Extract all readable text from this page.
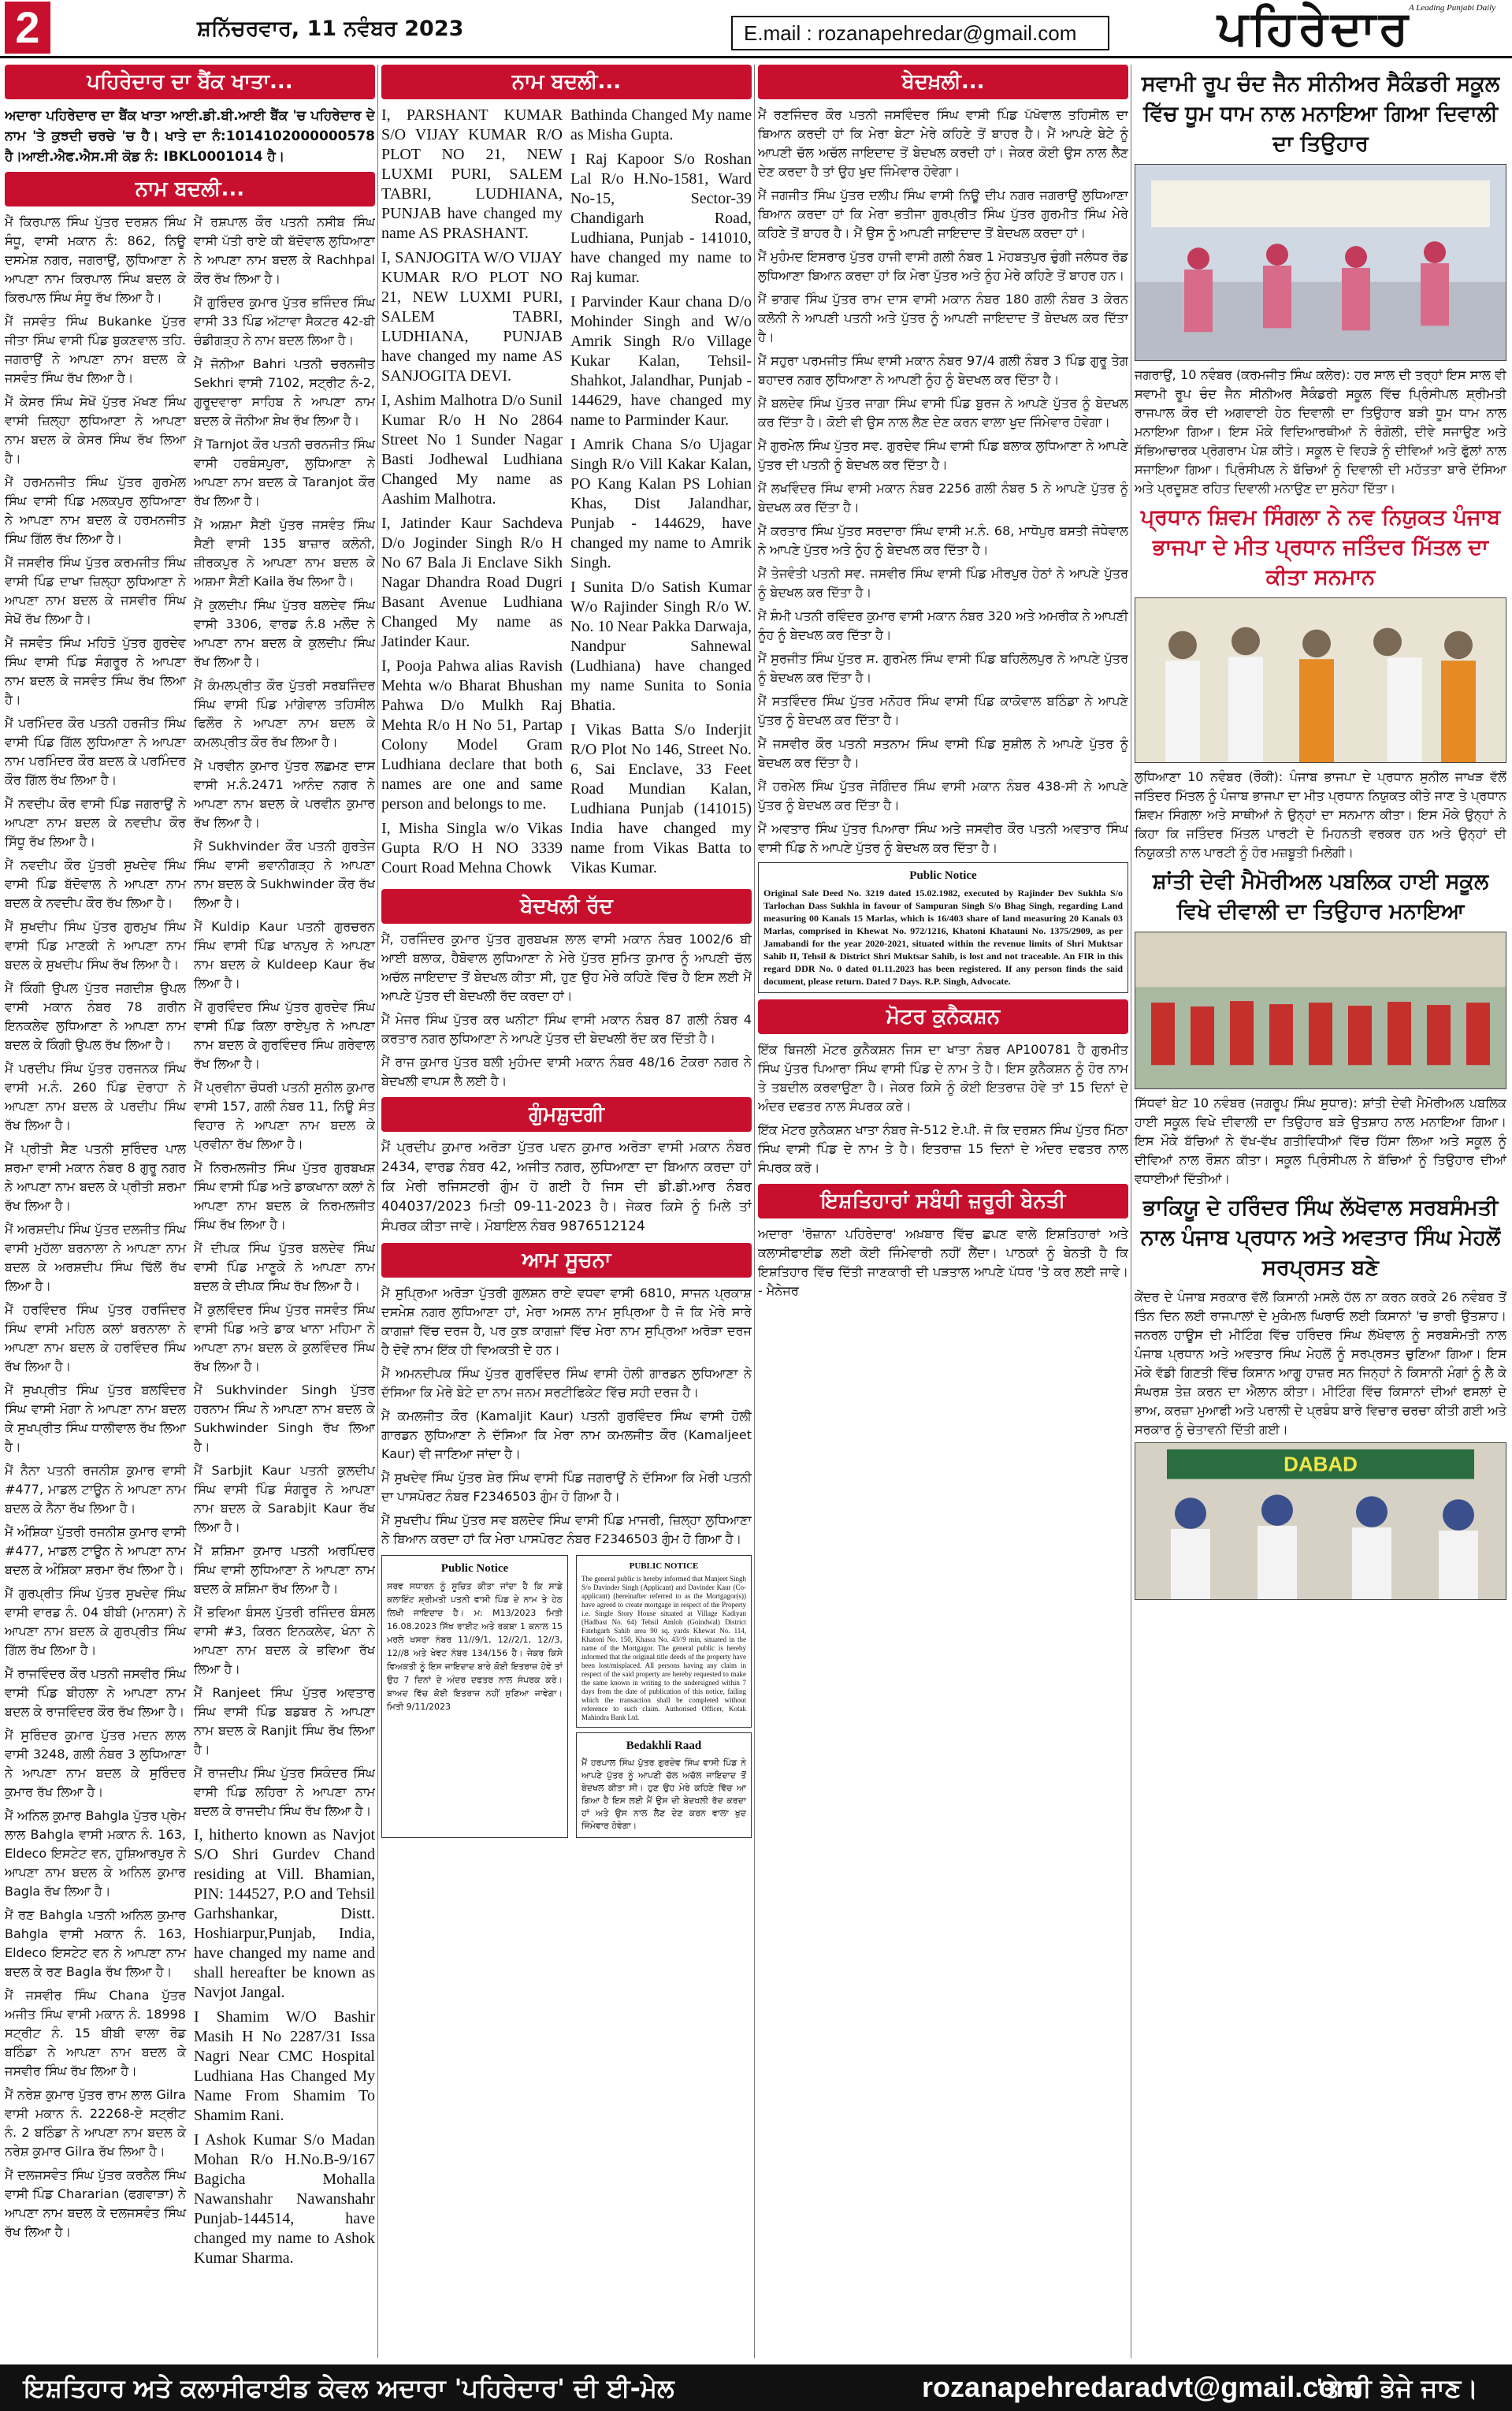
2	ਸ਼ਨਿੱਚਰਵਾਰ, 11 ਨਵੰਬਰ 2023	E.mail : rozanapehredar@gmail.com	ਪਹਿਰੇਦਾਰ
A Leading Punjabi Daily
ਪਹਿਰੇਦਾਰ ਦਾ ਬੈਂਕ ਖਾਤਾ...
ਅਦਾਰਾ ਪਹਿਰੇਦਾਰ ਦਾ ਬੈਂਕ ਖਾਤਾ ਆਈ.ਡੀ.ਬੀ.ਆਈ ਬੈਂਕ 'ਚ ਪਹਿਰੇਦਾਰ ਦੇ ਨਾਮ 'ਤੇ ਕੁਝਦੀ ਚਰਚੇ 'ਚ ਹੈ। ਖਾਤੇ ਦਾ ਨੰ:1014102000000578 ਹੈ।ਆਈ.ਐਫ.ਐਸ.ਸੀ ਕੋਡ ਨੰ: IBKL0001014 ਹੈ।
ਨਾਮ ਬਦਲੀ...
ਮੈਂ ਕਿਰਪਾਲ ਸਿੰਘ ਪੁੱਤਰ ਦਰਸ਼ਨ ਸਿੰਘ ਸੰਧੂ, ਵਾਸੀ ਮਕਾਨ ਨੰ: 862, ਨਿਊ ਦਸਮੇਸ਼ ਨਗਰ, ਜਗਰਾਉਂ, ਲੁਧਿਆਣਾ ਨੇ ਆਪਣਾ ਨਾਮ ਕਿਰਪਾਲ ਸਿੰਘ ਬਦਲ ਕੇ ਕਿਰਪਾਲ ਸਿੰਘ ਸੰਧੂ ਰੱਖ ਲਿਆ ਹੈ।
ਮੈਂ ਜਸਵੰਤ ਸਿੰਘ Bukanke ਪੁੱਤਰ ਜੀਤਾ ਸਿੰਘ ਵਾਸੀ ਪਿੰਡ ਬੁਕਣਵਾਲ ਤਹਿ. ਜਗਰਾਉਂ ਨੇ ਆਪਣਾ ਨਾਮ ਬਦਲ ਕੇ ਜਸਵੰਤ ਸਿੰਘ ਰੱਖ ਲਿਆ ਹੈ।
ਮੈਂ ਕੇਸਰ ਸਿੰਘ ਸੇਖੋਂ ਪੁੱਤਰ ਮੱਖਣ ਸਿੰਘ ਵਾਸੀ ਜ਼ਿਲ੍ਹਾ ਲੁਧਿਆਣਾ ਨੇ ਆਪਣਾ ਨਾਮ ਬਦਲ ਕੇ ਕੇਸਰ ਸਿੰਘ ਰੱਖ ਲਿਆ ਹੈ।
ਮੈਂ ਹਰਮਨਜੀਤ ਸਿੰਘ ਪੁੱਤਰ ਗੁਰਮੇਲ ਸਿੰਘ ਵਾਸੀ ਪਿੰਡ ਮਲਕਪੁਰ ਲੁਧਿਆਣਾ ਨੇ ਆਪਣਾ ਨਾਮ ਬਦਲ ਕੇ ਹਰਮਨਜੀਤ ਸਿੰਘ ਗਿੱਲ ਰੱਖ ਲਿਆ ਹੈ।
ਮੈਂ ਜਸਵੀਰ ਸਿੰਘ ਪੁੱਤਰ ਕਰਮਜੀਤ ਸਿੰਘ ਵਾਸੀ ਪਿੰਡ ਦਾਖਾ ਜ਼ਿਲ੍ਹਾ ਲੁਧਿਆਣਾ ਨੇ ਆਪਣਾ ਨਾਮ ਬਦਲ ਕੇ ਜਸਵੀਰ ਸਿੰਘ ਸੇਖੋਂ ਰੱਖ ਲਿਆ ਹੈ।
ਮੈਂ ਜਸਵੰਤ ਸਿੰਘ ਮਹਿਤੋ ਪੁੱਤਰ ਗੁਰਦੇਵ ਸਿੰਘ ਵਾਸੀ ਪਿੰਡ ਸੰਗਰੂਰ ਨੇ ਆਪਣਾ ਨਾਮ ਬਦਲ ਕੇ ਜਸਵੰਤ ਸਿੰਘ ਰੱਖ ਲਿਆ ਹੈ।
ਮੈਂ ਪਰਮਿੰਦਰ ਕੌਰ ਪਤਨੀ ਹਰਜੀਤ ਸਿੰਘ ਵਾਸੀ ਪਿੰਡ ਗਿੱਲ ਲੁਧਿਆਣਾ ਨੇ ਆਪਣਾ ਨਾਮ ਪਰਮਿੰਦਰ ਕੌਰ ਬਦਲ ਕੇ ਪਰਮਿੰਦਰ ਕੌਰ ਗਿੱਲ ਰੱਖ ਲਿਆ ਹੈ।
ਮੈਂ ਨਵਦੀਪ ਕੌਰ ਵਾਸੀ ਪਿੰਡ ਜਗਰਾਉਂ ਨੇ ਆਪਣਾ ਨਾਮ ਬਦਲ ਕੇ ਨਵਦੀਪ ਕੌਰ ਸਿੱਧੂ ਰੱਖ ਲਿਆ ਹੈ।
ਮੈਂ ਨਵਦੀਪ ਕੌਰ ਪੁੱਤਰੀ ਸੁਖਦੇਵ ਸਿੰਘ ਵਾਸੀ ਪਿੰਡ ਬੱਦੋਵਾਲ ਨੇ ਆਪਣਾ ਨਾਮ ਬਦਲ ਕੇ ਨਵਦੀਪ ਕੌਰ ਰੱਖ ਲਿਆ ਹੈ।
ਮੈਂ ਸੁਖਦੀਪ ਸਿੰਘ ਪੁੱਤਰ ਗੁਰਮੁਖ ਸਿੰਘ ਵਾਸੀ ਪਿੰਡ ਮਾਣਕੀ ਨੇ ਆਪਣਾ ਨਾਮ ਬਦਲ ਕੇ ਸੁਖਦੀਪ ਸਿੰਘ ਰੱਖ ਲਿਆ ਹੈ।
ਮੈਂ ਕਿੰਗੀ ਉਪਲ ਪੁੱਤਰ ਜਗਦੀਸ਼ ਉਪਲ ਵਾਸੀ ਮਕਾਨ ਨੰਬਰ 78 ਗਰੀਨ ਇਨਕਲੇਵ ਲੁਧਿਆਣਾ ਨੇ ਆਪਣਾ ਨਾਮ ਬਦਲ ਕੇ ਕਿੰਗੀ ਉਪਲ ਰੱਖ ਲਿਆ ਹੈ।
ਮੈਂ ਪਰਦੀਪ ਸਿੰਘ ਪੁੱਤਰ ਹਰਜਨਕ ਸਿੰਘ ਵਾਸੀ ਮ.ਨੰ. 260 ਪਿੰਡ ਦੋਰਾਹਾ ਨੇ ਆਪਣਾ ਨਾਮ ਬਦਲ ਕੇ ਪਰਦੀਪ ਸਿੰਘ ਰੱਖ ਲਿਆ ਹੈ।
ਮੈਂ ਪ੍ਰੀਤੀ ਸੈਣ ਪਤਨੀ ਸੁਰਿੰਦਰ ਪਾਲ ਸ਼ਰਮਾ ਵਾਸੀ ਮਕਾਨ ਨੰਬਰ 8 ਗੁਰੂ ਨਗਰ ਨੇ ਆਪਣਾ ਨਾਮ ਬਦਲ ਕੇ ਪ੍ਰੀਤੀ ਸ਼ਰਮਾ ਰੱਖ ਲਿਆ ਹੈ।
ਮੈਂ ਅਰਸ਼ਦੀਪ ਸਿੰਘ ਪੁੱਤਰ ਦਲਜੀਤ ਸਿੰਘ ਵਾਸੀ ਮੁਹੱਲਾ ਬਰਨਾਲਾ ਨੇ ਆਪਣਾ ਨਾਮ ਬਦਲ ਕੇ ਅਰਸ਼ਦੀਪ ਸਿੰਘ ਢਿੱਲੋਂ ਰੱਖ ਲਿਆ ਹੈ।
ਮੈਂ ਹਰਵਿੰਦਰ ਸਿੰਘ ਪੁੱਤਰ ਹਰਜਿੰਦਰ ਸਿੰਘ ਵਾਸੀ ਮਹਿਲ ਕਲਾਂ ਬਰਨਾਲਾ ਨੇ ਆਪਣਾ ਨਾਮ ਬਦਲ ਕੇ ਹਰਵਿੰਦਰ ਸਿੰਘ ਰੱਖ ਲਿਆ ਹੈ।
ਮੈਂ ਸੁਖਪ੍ਰੀਤ ਸਿੰਘ ਪੁੱਤਰ ਬਲਵਿੰਦਰ ਸਿੰਘ ਵਾਸੀ ਮੋਗਾ ਨੇ ਆਪਣਾ ਨਾਮ ਬਦਲ ਕੇ ਸੁਖਪ੍ਰੀਤ ਸਿੰਘ ਧਾਲੀਵਾਲ ਰੱਖ ਲਿਆ ਹੈ।
ਮੈਂ ਨੈਨਾ ਪਤਨੀ ਰਜਨੀਸ਼ ਕੁਮਾਰ ਵਾਸੀ #477, ਮਾਡਲ ਟਾਊਨ ਨੇ ਆਪਣਾ ਨਾਮ ਬਦਲ ਕੇ ਨੈਨਾ ਰੱਖ ਲਿਆ ਹੈ।
ਮੈਂ ਅੰਸ਼ਿਕਾ ਪੁੱਤਰੀ ਰਜਨੀਸ਼ ਕੁਮਾਰ ਵਾਸੀ #477, ਮਾਡਲ ਟਾਊਨ ਨੇ ਆਪਣਾ ਨਾਮ ਬਦਲ ਕੇ ਅੰਸ਼ਿਕਾ ਸ਼ਰਮਾ ਰੱਖ ਲਿਆ ਹੈ।
ਮੈਂ ਗੁਰਪ੍ਰੀਤ ਸਿੰਘ ਪੁੱਤਰ ਸੁਖਦੇਵ ਸਿੰਘ ਵਾਸੀ ਵਾਰਡ ਨੰ. 04 ਬੀਬੀ (ਮਾਨਸਾ) ਨੇ ਆਪਣਾ ਨਾਮ ਬਦਲ ਕੇ ਗੁਰਪ੍ਰੀਤ ਸਿੰਘ ਗਿੱਲ ਰੱਖ ਲਿਆ ਹੈ।
ਮੈਂ ਰਾਜਵਿੰਦਰ ਕੌਰ ਪਤਨੀ ਜਸਵੀਰ ਸਿੰਘ ਵਾਸੀ ਪਿੰਡ ਬੀਹਲਾ ਨੇ ਆਪਣਾ ਨਾਮ ਬਦਲ ਕੇ ਰਾਜਵਿੰਦਰ ਕੌਰ ਰੱਖ ਲਿਆ ਹੈ।
ਮੈਂ ਸੁਰਿੰਦਰ ਕੁਮਾਰ ਪੁੱਤਰ ਮਦਨ ਲਾਲ ਵਾਸੀ 3248, ਗਲੀ ਨੰਬਰ 3 ਲੁਧਿਆਣਾ ਨੇ ਆਪਣਾ ਨਾਮ ਬਦਲ ਕੇ ਸੁਰਿੰਦਰ ਕੁਮਾਰ ਰੱਖ ਲਿਆ ਹੈ।
ਮੈਂ ਅਨਿਲ ਕੁਮਾਰ Bahgla ਪੁੱਤਰ ਪ੍ਰੇਮ ਲਾਲ Bahgla ਵਾਸੀ ਮਕਾਨ ਨੰ. 163, Eldeco ਇਸਟੇਟ ਵਨ, ਹੁਸ਼ਿਆਰਪੁਰ ਨੇ ਆਪਣਾ ਨਾਮ ਬਦਲ ਕੇ ਅਨਿਲ ਕੁਮਾਰ Bagla ਰੱਖ ਲਿਆ ਹੈ।
ਮੈਂ ਰਣ Bahgla ਪਤਨੀ ਅਨਿਲ ਕੁਮਾਰ Bahgla ਵਾਸੀ ਮਕਾਨ ਨੰ. 163, Eldeco ਇਸਟੇਟ ਵਨ ਨੇ ਆਪਣਾ ਨਾਮ ਬਦਲ ਕੇ ਰਣ Bagla ਰੱਖ ਲਿਆ ਹੈ।
ਮੈਂ ਜਸਵੀਰ ਸਿੰਘ Chana ਪੁੱਤਰ ਅਜੀਤ ਸਿੰਘ ਵਾਸੀ ਮਕਾਨ ਨੰ. 18998 ਸਟ੍ਰੀਟ ਨੰ. 15 ਬੀਬੀ ਵਾਲਾ ਰੋਡ ਬਠਿੰਡਾ ਨੇ ਆਪਣਾ ਨਾਮ ਬਦਲ ਕੇ ਜਸਵੀਰ ਸਿੰਘ ਰੱਖ ਲਿਆ ਹੈ।
ਮੈਂ ਨਰੇਸ਼ ਕੁਮਾਰ ਪੁੱਤਰ ਰਾਮ ਲਾਲ Gilra ਵਾਸੀ ਮਕਾਨ ਨੰ. 22268-ਏ ਸਟ੍ਰੀਟ ਨੰ. 2 ਬਠਿੰਡਾ ਨੇ ਆਪਣਾ ਨਾਮ ਬਦਲ ਕੇ ਨਰੇਸ਼ ਕੁਮਾਰ Gilra ਰੱਖ ਲਿਆ ਹੈ।
ਮੈਂ ਦਲਜਸਵੰਤ ਸਿੰਘ ਪੁੱਤਰ ਕਰਨੈਲ ਸਿੰਘ ਵਾਸੀ ਪਿੰਡ Chararian (ਫਗਵਾੜਾ) ਨੇ ਆਪਣਾ ਨਾਮ ਬਦਲ ਕੇ ਦਲਜਸਵੰਤ ਸਿੰਘ ਰੱਖ ਲਿਆ ਹੈ।
ਮੈਂ ਰਸ਼ਪਾਲ ਕੌਰ ਪਤਨੀ ਨਸੀਬ ਸਿੰਘ ਵਾਸੀ ਪੱਤੀ ਰਾਏ ਕੀ ਬੱਦੋਵਾਲ ਲੁਧਿਆਣਾ ਨੇ ਆਪਣਾ ਨਾਮ ਬਦਲ ਕੇ Rachhpal ਕੌਰ ਰੱਖ ਲਿਆ ਹੈ।
ਮੈਂ ਗੁਰਿੰਦਰ ਕੁਮਾਰ ਪੁੱਤਰ ਭਜਿੰਦਰ ਸਿੰਘ ਵਾਸੀ 33 ਪਿੰਡ ਅੱਟਾਵਾ ਸੈਕਟਰ 42-ਬੀ ਚੰਡੀਗੜ੍ਹ ਨੇ ਨਾਮ ਬਦਲ ਲਿਆ ਹੈ।
ਮੈਂ ਜੋਨੀਆ Bahri ਪਤਨੀ ਚਰਨਜੀਤ Sekhri ਵਾਸੀ 7102, ਸਟ੍ਰੀਟ ਨੰ-2, ਗੁਰੂਦਵਾਰਾ ਸਾਹਿਬ ਨੇ ਆਪਣਾ ਨਾਮ ਬਦਲ ਕੇ ਜੋਨੀਆ ਸ਼ੇਖ ਰੱਖ ਲਿਆ ਹੈ।
ਮੈਂ Tarnjot ਕੌਰ ਪਤਨੀ ਚਰਨਜੀਤ ਸਿੰਘ ਵਾਸੀ ਹਰਬੰਸਪੁਰਾ, ਲੁਧਿਆਣਾ ਨੇ ਆਪਣਾ ਨਾਮ ਬਦਲ ਕੇ Taranjot ਕੌਰ ਰੱਖ ਲਿਆ ਹੈ।
ਮੈਂ ਅਸ਼ਮਾ ਸੈਣੀ ਪੁੱਤਰ ਜਸਵੰਤ ਸਿੰਘ ਸੈਣੀ ਵਾਸੀ 135 ਬਾਜ਼ਾਰ ਕਲੋਨੀ, ਜ਼ੀਰਕਪੁਰ ਨੇ ਆਪਣਾ ਨਾਮ ਬਦਲ ਕੇ ਅਸ਼ਮਾ ਸੈਣੀ Kaila ਰੱਖ ਲਿਆ ਹੈ।
ਮੈਂ ਕੁਲਦੀਪ ਸਿੰਘ ਪੁੱਤਰ ਬਲਦੇਵ ਸਿੰਘ ਵਾਸੀ 3306, ਵਾਰਡ ਨੰ.8 ਮਲੌਦ ਨੇ ਆਪਣਾ ਨਾਮ ਬਦਲ ਕੇ ਕੁਲਦੀਪ ਸਿੰਘ ਰੱਖ ਲਿਆ ਹੈ।
ਮੈਂ ਕੰਮਲਪ੍ਰੀਤ ਕੌਰ ਪੁੱਤਰੀ ਸਰਬਜਿੰਦਰ ਸਿੰਘ ਵਾਸੀ ਪਿੰਡ ਮਾਂਗੇਵਾਲ ਤਹਿਸੀਲ ਫਿਲੌਰ ਨੇ ਆਪਣਾ ਨਾਮ ਬਦਲ ਕੇ ਕਮਲਪ੍ਰੀਤ ਕੌਰ ਰੱਖ ਲਿਆ ਹੈ।
ਮੈਂ ਪਰਵੀਨ ਕੁਮਾਰ ਪੁੱਤਰ ਲਛਮਣ ਦਾਸ ਵਾਸੀ ਮ.ਨੰ.2471 ਆਨੰਦ ਨਗਰ ਨੇ ਆਪਣਾ ਨਾਮ ਬਦਲ ਕੇ ਪਰਵੀਨ ਕੁਮਾਰ ਰੱਖ ਲਿਆ ਹੈ।
ਮੈਂ Sukhvinder ਕੌਰ ਪਤਨੀ ਗੁਰਤੇਜ ਸਿੰਘ ਵਾਸੀ ਭਵਾਨੀਗੜ੍ਹ ਨੇ ਆਪਣਾ ਨਾਮ ਬਦਲ ਕੇ Sukhwinder ਕੌਰ ਰੱਖ ਲਿਆ ਹੈ।
ਮੈਂ Kuldip Kaur ਪਤਨੀ ਗੁਰਚਰਨ ਸਿੰਘ ਵਾਸੀ ਪਿੰਡ ਖਾਨਪੁਰ ਨੇ ਆਪਣਾ ਨਾਮ ਬਦਲ ਕੇ Kuldeep Kaur ਰੱਖ ਲਿਆ ਹੈ।
ਮੈਂ ਗੁਰਵਿੰਦਰ ਸਿੰਘ ਪੁੱਤਰ ਗੁਰਦੇਵ ਸਿੰਘ ਵਾਸੀ ਪਿੰਡ ਕਿਲਾ ਰਾਏਪੁਰ ਨੇ ਆਪਣਾ ਨਾਮ ਬਦਲ ਕੇ ਗੁਰਵਿੰਦਰ ਸਿੰਘ ਗਰੇਵਾਲ ਰੱਖ ਲਿਆ ਹੈ।
ਮੈਂ ਪ੍ਰਵੀਨਾ ਚੌਧਰੀ ਪਤਨੀ ਸੁਨੀਲ ਕੁਮਾਰ ਵਾਸੀ 157, ਗਲੀ ਨੰਬਰ 11, ਨਿਊ ਸੰਤ ਵਿਹਾਰ ਨੇ ਆਪਣਾ ਨਾਮ ਬਦਲ ਕੇ ਪ੍ਰਵੀਨਾ ਰੱਖ ਲਿਆ ਹੈ।
ਮੈਂ ਨਿਰਮਲਜੀਤ ਸਿੰਘ ਪੁੱਤਰ ਗੁਰਬਖਸ਼ ਸਿੰਘ ਵਾਸੀ ਪਿੰਡ ਅਤੇ ਡਾਕਖਾਨਾ ਕਲਾਂ ਨੇ ਆਪਣਾ ਨਾਮ ਬਦਲ ਕੇ ਨਿਰਮਲਜੀਤ ਸਿੰਘ ਰੱਖ ਲਿਆ ਹੈ।
ਮੈਂ ਦੀਪਕ ਸਿੰਘ ਪੁੱਤਰ ਬਲਦੇਵ ਸਿੰਘ ਵਾਸੀ ਪਿੰਡ ਮਾਣੂਕੇ ਨੇ ਆਪਣਾ ਨਾਮ ਬਦਲ ਕੇ ਦੀਪਕ ਸਿੰਘ ਰੱਖ ਲਿਆ ਹੈ।
ਮੈਂ ਕੁਲਵਿੰਦਰ ਸਿੰਘ ਪੁੱਤਰ ਜਸਵੰਤ ਸਿੰਘ ਵਾਸੀ ਪਿੰਡ ਅਤੇ ਡਾਕ ਖਾਨਾ ਮਹਿਮਾ ਨੇ ਆਪਣਾ ਨਾਮ ਬਦਲ ਕੇ ਕੁਲਵਿੰਦਰ ਸਿੰਘ ਰੱਖ ਲਿਆ ਹੈ।
ਮੈਂ Sukhvinder Singh ਪੁੱਤਰ ਹਰਨਾਮ ਸਿੰਘ ਨੇ ਆਪਣਾ ਨਾਮ ਬਦਲ ਕੇ Sukhwinder Singh ਰੱਖ ਲਿਆ ਹੈ।
ਮੈਂ Sarbjit Kaur ਪਤਨੀ ਕੁਲਦੀਪ ਸਿੰਘ ਵਾਸੀ ਪਿੰਡ ਸੰਗਰੂਰ ਨੇ ਆਪਣਾ ਨਾਮ ਬਦਲ ਕੇ Sarabjit Kaur ਰੱਖ ਲਿਆ ਹੈ।
ਮੈਂ ਸ਼ਸ਼ਿਮਾ ਕੁਮਾਰ ਪਤਨੀ ਅਰਪਿੰਦਰ ਸਿੰਘ ਵਾਸੀ ਲੁਧਿਆਣਾ ਨੇ ਆਪਣਾ ਨਾਮ ਬਦਲ ਕੇ ਸ਼ਸ਼ਿਮਾ ਰੱਖ ਲਿਆ ਹੈ।
ਮੈਂ ਭਵਿਆ ਬੰਸਲ ਪੁੱਤਰੀ ਰਜਿੰਦਰ ਬੰਸਲ ਵਾਸੀ #3, ਕਿਰਨ ਇਨਕਲੇਵ, ਖੰਨਾ ਨੇ ਆਪਣਾ ਨਾਮ ਬਦਲ ਕੇ ਭਵਿਆ ਰੱਖ ਲਿਆ ਹੈ।
ਮੈਂ Ranjeet ਸਿੰਘ ਪੁੱਤਰ ਅਵਤਾਰ ਸਿੰਘ ਵਾਸੀ ਪਿੰਡ ਬਡਬਰ ਨੇ ਆਪਣਾ ਨਾਮ ਬਦਲ ਕੇ Ranjit ਸਿੰਘ ਰੱਖ ਲਿਆ ਹੈ।
ਮੈਂ ਰਾਜਦੀਪ ਸਿੰਘ ਪੁੱਤਰ ਸਿਕੰਦਰ ਸਿੰਘ ਵਾਸੀ ਪਿੰਡ ਲਹਿਰਾ ਨੇ ਆਪਣਾ ਨਾਮ ਬਦਲ ਕੇ ਰਾਜਦੀਪ ਸਿੰਘ ਰੱਖ ਲਿਆ ਹੈ।
I, hitherto known as Navjot S/O Shri Gurdev Chand residing at Vill. Bhamian, PIN: 144527, P.O and Tehsil Garhshankar, Distt. Hoshiarpur,Punjab, India, have changed my name and shall hereafter be known as Navjot Jangal.
I Shamim W/O Bashir Masih H No 2287/31 Issa Nagri Near CMC Hospital Ludhiana Has Changed My Name From Shamim To Shamim Rani.
I Ashok Kumar S/o Madan Mohan R/o H.No.B-9/167 Bagicha Mohalla Nawanshahr Nawanshahr Punjab-144514, have changed my name to Ashok Kumar Sharma.
ਨਾਮ ਬਦਲੀ...
I, PARSHANT KUMAR S/O VIJAY KUMAR R/O PLOT NO 21, NEW LUXMI PURI, SALEM TABRI, LUDHIANA, PUNJAB have changed my name AS PRASHANT.
I, SANJOGITA W/O VIJAY KUMAR R/O PLOT NO 21, NEW LUXMI PURI, SALEM TABRI, LUDHIANA, PUNJAB have changed my name AS SANJOGITA DEVI.
I, Ashim Malhotra D/o Sunil Kumar R/o H No 2864 Street No 1 Sunder Nagar Basti Jodhewal Ludhiana Changed My name as Aashim Malhotra.
I, Jatinder Kaur Sachdeva D/o Joginder Singh R/o H No 67 Bala Ji Enclave Sikh Nagar Dhandra Road Dugri Basant Avenue Ludhiana Changed My name as Jatinder Kaur.
I, Pooja Pahwa alias Ravish Mehta w/o Bharat Bhushan Pahwa D/o Mulkh Raj Mehta R/o H No 51, Partap Colony Model Gram Ludhiana declare that both names are one and same person and belongs to me.
I, Misha Singla w/o Vikas Gupta R/O H NO 3339 Court Road Mehna Chowk
Bathinda Changed My name as Misha Gupta.
I Raj Kapoor S/o Roshan Lal R/o H.No-1581, Ward No-15, Sector-39 Chandigarh Road, Ludhiana, Punjab - 141010, have changed my name to Raj kumar.
I Parvinder Kaur chana D/o Mohinder Singh and W/o Amrik Singh R/o Village Kukar Kalan, Tehsil-Shahkot, Jalandhar, Punjab - 144629, have changed my name to Parminder Kaur.
I Amrik Chana S/o Ujagar Singh R/o Vill Kakar Kalan, PO Kang Kalan PS Lohian Khas, Dist Jalandhar, Punjab - 144629, have changed my name to Amrik Singh.
I Sunita D/o Satish Kumar W/o Rajinder Singh R/o W. No. 10 Near Pakka Darwaja, Nandpur Sahnewal (Ludhiana) have changed my name Sunita to Sonia Bhatia.
I Vikas Batta S/o Inderjit R/O Plot No 146, Street No. 6, Sai Enclave, 33 Feet Road Mundian Kalan, Ludhiana Punjab (141015) India have changed my name from Vikas Batta to Vikas Kumar.
ਬੇਦਖਲੀ ਰੱਦ
ਮੈਂ, ਹਰਜਿੰਦਰ ਕੁਮਾਰ ਪੁੱਤਰ ਗੁਰਬਖਸ਼ ਲਾਲ ਵਾਸੀ ਮਕਾਨ ਨੰਬਰ 1002/6 ਬੀ ਆਈ ਬਲਾਕ, ਹੈਬੋਵਾਲ ਲੁਧਿਆਣਾ ਨੇ ਮੇਰੇ ਪੁੱਤਰ ਸੁਮਿਤ ਕੁਮਾਰ ਨੂੰ ਆਪਣੀ ਚੱਲ ਅਚੱਲ ਜਾਇਦਾਦ ਤੋਂ ਬੇਦਖਲ ਕੀਤਾ ਸੀ, ਹੁਣ ਉਹ ਮੇਰੇ ਕਹਿਣੇ ਵਿੱਚ ਹੈ ਇਸ ਲਈ ਮੈਂ ਆਪਣੇ ਪੁੱਤਰ ਦੀ ਬੇਦਖਲੀ ਰੱਦ ਕਰਦਾ ਹਾਂ।
ਮੈਂ ਮੇਜਰ ਸਿੰਘ ਪੁੱਤਰ ਕਰ ਘਨੀਟਾ ਸਿੰਘ ਵਾਸੀ ਮਕਾਨ ਨੰਬਰ 87 ਗਲੀ ਨੰਬਰ 4 ਕਰਤਾਰ ਨਗਰ ਲੁਧਿਆਣਾ ਨੇ ਆਪਣੇ ਪੁੱਤਰ ਦੀ ਬੇਦਖਲੀ ਰੱਦ ਕਰ ਦਿੱਤੀ ਹੈ।
ਮੈਂ ਰਾਜ ਕੁਮਾਰ ਪੁੱਤਰ ਬਲੀ ਮੁਹੰਮਦ ਵਾਸੀ ਮਕਾਨ ਨੰਬਰ 48/16 ਟੋਕਰਾ ਨਗਰ ਨੇ ਬੇਦਖਲੀ ਵਾਪਸ ਲੈ ਲਈ ਹੈ।
ਗੁੰਮਸ਼ੁਦਗੀ
ਮੈਂ ਪ੍ਰਦੀਪ ਕੁਮਾਰ ਅਰੋੜਾ ਪੁੱਤਰ ਪਵਨ ਕੁਮਾਰ ਅਰੋੜਾ ਵਾਸੀ ਮਕਾਨ ਨੰਬਰ 2434, ਵਾਰਡ ਨੰਬਰ 42, ਅਜੀਤ ਨਗਰ, ਲੁਧਿਆਣਾ ਦਾ ਬਿਆਨ ਕਰਦਾ ਹਾਂ ਕਿ ਮੇਰੀ ਰਜਿਸਟਰੀ ਗੁੰਮ ਹੋ ਗਈ ਹੈ ਜਿਸ ਦੀ ਡੀ.ਡੀ.ਆਰ ਨੰਬਰ 404037/2023 ਮਿਤੀ 09-11-2023 ਹੈ। ਜੇਕਰ ਕਿਸੇ ਨੂੰ ਮਿਲੇ ਤਾਂ ਸੰਪਰਕ ਕੀਤਾ ਜਾਵੇ। ਮੋਬਾਇਲ ਨੰਬਰ 9876512124
ਆਮ ਸੂਚਨਾ
ਮੈਂ ਸੁਪ੍ਰਿਆ ਅਰੋੜਾ ਪੁੱਤਰੀ ਗੁਲਸ਼ਨ ਰਾਏ ਵਧਵਾ ਵਾਸੀ 6810, ਸਾਜਨ ਪ੍ਰਕਾਸ਼ ਦਸਮੇਸ਼ ਨਗਰ ਲੁਧਿਆਣਾ ਹਾਂ, ਮੇਰਾ ਅਸਲ ਨਾਮ ਸੁਪ੍ਰਿਆ ਹੈ ਜੋ ਕਿ ਮੇਰੇ ਸਾਰੇ ਕਾਗਜ਼ਾਂ ਵਿੱਚ ਦਰਜ ਹੈ, ਪਰ ਕੁਝ ਕਾਗਜ਼ਾਂ ਵਿੱਚ ਮੇਰਾ ਨਾਮ ਸੁਪ੍ਰਿਆ ਅਰੋੜਾ ਦਰਜ ਹੈ ਦੋਵੇਂ ਨਾਮ ਇੱਕ ਹੀ ਵਿਅਕਤੀ ਦੇ ਹਨ।
ਮੈਂ ਅਮਨਦੀਪਕ ਸਿੰਘ ਪੁੱਤਰ ਗੁਰਵਿੰਦਰ ਸਿੰਘ ਵਾਸੀ ਹੋਲੀ ਗਾਰਡਨ ਲੁਧਿਆਣਾ ਨੇ ਦੱਸਿਆ ਕਿ ਮੇਰੇ ਬੇਟੇ ਦਾ ਨਾਮ ਜਨਮ ਸਰਟੀਫਿਕੇਟ ਵਿੱਚ ਸਹੀ ਦਰਜ ਹੈ।
ਮੈਂ ਕਮਲਜੀਤ ਕੌਰ (Kamaljit Kaur) ਪਤਨੀ ਗੁਰਵਿੰਦਰ ਸਿੰਘ ਵਾਸੀ ਹੋਲੀ ਗਾਰਡਨ ਲੁਧਿਆਣਾ ਨੇ ਦੱਸਿਆ ਕਿ ਮੇਰਾ ਨਾਮ ਕਮਲਜੀਤ ਕੌਰ (Kamaljeet Kaur) ਵੀ ਜਾਣਿਆ ਜਾਂਦਾ ਹੈ।
ਮੈਂ ਸੁਖਦੇਵ ਸਿੰਘ ਪੁੱਤਰ ਸ਼ੇਰ ਸਿੰਘ ਵਾਸੀ ਪਿੰਡ ਜਗਰਾਉਂ ਨੇ ਦੱਸਿਆ ਕਿ ਮੇਰੀ ਪਤਨੀ ਦਾ ਪਾਸਪੋਰਟ ਨੰਬਰ F2346503 ਗੁੰਮ ਹੋ ਗਿਆ ਹੈ।
ਮੈਂ ਸੁਖਦੀਪ ਸਿੰਘ ਪੁੱਤਰ ਸਵ ਬਲਦੇਵ ਸਿੰਘ ਵਾਸੀ ਪਿੰਡ ਮਾਜਰੀ, ਜ਼ਿਲ੍ਹਾ ਲੁਧਿਆਣਾ ਨੇ ਬਿਆਨ ਕਰਦਾ ਹਾਂ ਕਿ ਮੇਰਾ ਪਾਸਪੋਰਟ ਨੰਬਰ F2346503 ਗੁੰਮ ਹੋ ਗਿਆ ਹੈ।
Public Notice
ਸਰਵ ਸਧਾਰਨ ਨੂੰ ਸੂਚਿਤ ਕੀਤਾ ਜਾਂਦਾ ਹੈ ਕਿ ਸਾਡੇ ਕਲਾਇੰਟ ਸ਼੍ਰੀਮਤੀ ਪਤਨੀ ਵਾਸੀ ਪਿੰਡ ਦੇ ਨਾਮ ਤੇ ਹੇਠ ਲਿਖੀ ਜਾਇਦਾਦ ਹੈ। ਮ: M13/2023 ਮਿਤੀ 16.08.2023 ਸਿੱਖ ਰਾਈਟ ਅਤੇ ਰਕਬਾ 1 ਕਨਾਲ 15 ਮਰਲੇ ਖਸਰਾ ਨੰਬਰ 11//9/1, 12//2/1, 12//3, 12//8 ਅਤੇ ਖੇਵਟ ਨੰਬਰ 134/156 ਹੈ। ਜੇਕਰ ਕਿਸੇ ਵਿਅਕਤੀ ਨੂੰ ਇਸ ਜਾਇਦਾਦ ਬਾਰੇ ਕੋਈ ਇਤਰਾਜ਼ ਹੋਵੇ ਤਾਂ ਉਹ 7 ਦਿਨਾਂ ਦੇ ਅੰਦਰ ਦਫਤਰ ਨਾਲ ਸੰਪਰਕ ਕਰੇ। ਬਾਅਦ ਵਿੱਚ ਕੋਈ ਇਤਰਾਜ਼ ਨਹੀਂ ਸੁਣਿਆ ਜਾਵੇਗਾ। ਮਿਤੀ 9/11/2023
PUBLIC NOTICE
The general public is hereby informed that Manjeet Singh S/o Davinder Singh (Applicant) and Davinder Kaur (Co-applicant) (hereinafter referred to as the Mortgagor(s)) have agreed to create mortgage in respect of the Property i.e. Single Story House situated at Village Kadiyan (Hadbast No. 64) Tehsil Amloh (Goindwal) District Fatehgarh Sahib area 90 sq. yards Khewat No. 114, Khatoni No. 150, Khasra No. 43//9 min, situated in the name of the Mortgagor. The general public is hereby informed that the original title deeds of the property have been lost/misplaced. All persons having any claim in respect of the said property are hereby requested to make the same known in writing to the undersigned within 7 days from the date of publication of this notice, failing which the transaction shall be completed without reference to such claim. Authorised Officer, Kotak Mahindra Bank Ltd.
Bedakhli Raad
ਮੈਂ ਹਰਪਾਲ ਸਿੰਘ ਪੁੱਤਰ ਗੁਰਦੇਵ ਸਿੰਘ ਵਾਸੀ ਪਿੰਡ ਨੇ ਆਪਣੇ ਪੁੱਤਰ ਨੂੰ ਆਪਣੀ ਚੱਲ ਅਚੱਲ ਜਾਇਦਾਦ ਤੋਂ ਬੇਦਖਲ ਕੀਤਾ ਸੀ। ਹੁਣ ਉਹ ਮੇਰੇ ਕਹਿਣੇ ਵਿੱਚ ਆ ਗਿਆ ਹੈ ਇਸ ਲਈ ਮੈਂ ਉਸ ਦੀ ਬੇਦਖਲੀ ਰੱਦ ਕਰਦਾ ਹਾਂ ਅਤੇ ਉਸ ਨਾਲ ਲੈਣ ਦੇਣ ਕਰਨ ਵਾਲਾ ਖੁਦ ਜਿੰਮੇਵਾਰ ਹੋਵੇਗਾ।
ਬੇਦਖ਼ਲੀ...
ਮੈਂ ਰਣਜਿੰਦਰ ਕੌਰ ਪਤਨੀ ਜਸਵਿੰਦਰ ਸਿੰਘ ਵਾਸੀ ਪਿੰਡ ਪੱਖੋਵਾਲ ਤਹਿਸੀਲ ਦਾ ਬਿਆਨ ਕਰਦੀ ਹਾਂ ਕਿ ਮੇਰਾ ਬੇਟਾ ਮੇਰੇ ਕਹਿਣੇ ਤੋਂ ਬਾਹਰ ਹੈ। ਮੈਂ ਆਪਣੇ ਬੇਟੇ ਨੂੰ ਆਪਣੀ ਚੱਲ ਅਚੱਲ ਜਾਇਦਾਦ ਤੋਂ ਬੇਦਖਲ ਕਰਦੀ ਹਾਂ। ਜੇਕਰ ਕੋਈ ਉਸ ਨਾਲ ਲੈਣ ਦੇਣ ਕਰਦਾ ਹੈ ਤਾਂ ਉਹ ਖੁਦ ਜਿੰਮੇਵਾਰ ਹੋਵੇਗਾ।
ਮੈਂ ਜਗਜੀਤ ਸਿੰਘ ਪੁੱਤਰ ਦਲੀਪ ਸਿੰਘ ਵਾਸੀ ਨਿਊ ਦੀਪ ਨਗਰ ਜਗਰਾਉਂ ਲੁਧਿਆਣਾ ਬਿਆਨ ਕਰਦਾ ਹਾਂ ਕਿ ਮੇਰਾ ਭਤੀਜਾ ਗੁਰਪ੍ਰੀਤ ਸਿੰਘ ਪੁੱਤਰ ਗੁਰਮੀਤ ਸਿੰਘ ਮੇਰੇ ਕਹਿਣੇ ਤੋਂ ਬਾਹਰ ਹੈ। ਮੈਂ ਉਸ ਨੂੰ ਆਪਣੀ ਜਾਇਦਾਦ ਤੋਂ ਬੇਦਖਲ ਕਰਦਾ ਹਾਂ।
ਮੈਂ ਮੁਹੰਮਦ ਇਸਰਾਰ ਪੁੱਤਰ ਹਾਜੀ ਵਾਸੀ ਗਲੀ ਨੰਬਰ 1 ਮੋਹਬਤਪੁਰ ਚੁੰਗੀ ਜਲੰਧਰ ਰੋਡ ਲੁਧਿਆਣਾ ਬਿਆਨ ਕਰਦਾ ਹਾਂ ਕਿ ਮੇਰਾ ਪੁੱਤਰ ਅਤੇ ਨੂੰਹ ਮੇਰੇ ਕਹਿਣੇ ਤੋਂ ਬਾਹਰ ਹਨ।
ਮੈਂ ਭਾਗਵ ਸਿੰਘ ਪੁੱਤਰ ਰਾਮ ਦਾਸ ਵਾਸੀ ਮਕਾਨ ਨੰਬਰ 180 ਗਲੀ ਨੰਬਰ 3 ਕੇਰਨ ਕਲੋਨੀ ਨੇ ਆਪਣੀ ਪਤਨੀ ਅਤੇ ਪੁੱਤਰ ਨੂੰ ਆਪਣੀ ਜਾਇਦਾਦ ਤੋਂ ਬੇਦਖਲ ਕਰ ਦਿੱਤਾ ਹੈ।
ਮੈਂ ਸਹੁਰਾ ਪਰਮਜੀਤ ਸਿੰਘ ਵਾਸੀ ਮਕਾਨ ਨੰਬਰ 97/4 ਗਲੀ ਨੰਬਰ 3 ਪਿੰਡ ਗੁਰੂ ਤੇਗ ਬਹਾਦਰ ਨਗਰ ਲੁਧਿਆਣਾ ਨੇ ਆਪਣੀ ਨੂੰਹ ਨੂੰ ਬੇਦਖਲ ਕਰ ਦਿੱਤਾ ਹੈ।
ਮੈਂ ਬਲਦੇਵ ਸਿੰਘ ਪੁੱਤਰ ਜਾਗਾ ਸਿੰਘ ਵਾਸੀ ਪਿੰਡ ਬੁਰਜ ਨੇ ਆਪਣੇ ਪੁੱਤਰ ਨੂੰ ਬੇਦਖਲ ਕਰ ਦਿੱਤਾ ਹੈ। ਕੋਈ ਵੀ ਉਸ ਨਾਲ ਲੈਣ ਦੇਣ ਕਰਨ ਵਾਲਾ ਖੁਦ ਜਿੰਮੇਵਾਰ ਹੋਵੇਗਾ।
ਮੈਂ ਗੁਰਮੇਲ ਸਿੰਘ ਪੁੱਤਰ ਸਵ. ਗੁਰਦੇਵ ਸਿੰਘ ਵਾਸੀ ਪਿੰਡ ਬਲਾਕ ਲੁਧਿਆਣਾ ਨੇ ਆਪਣੇ ਪੁੱਤਰ ਦੀ ਪਤਨੀ ਨੂੰ ਬੇਦਖਲ ਕਰ ਦਿੱਤਾ ਹੈ।
ਮੈਂ ਲਖਵਿੰਦਰ ਸਿੰਘ ਵਾਸੀ ਮਕਾਨ ਨੰਬਰ 2256 ਗਲੀ ਨੰਬਰ 5 ਨੇ ਆਪਣੇ ਪੁੱਤਰ ਨੂੰ ਬੇਦਖਲ ਕਰ ਦਿੱਤਾ ਹੈ।
ਮੈਂ ਕਰਤਾਰ ਸਿੰਘ ਪੁੱਤਰ ਸਰਦਾਰਾ ਸਿੰਘ ਵਾਸੀ ਮ.ਨੰ. 68, ਮਾਧੋਪੁਰ ਬਸਤੀ ਜੋਧੇਵਾਲ ਨੇ ਆਪਣੇ ਪੁੱਤਰ ਅਤੇ ਨੂੰਹ ਨੂੰ ਬੇਦਖਲ ਕਰ ਦਿੱਤਾ ਹੈ।
ਮੈਂ ਤੇਜਵੰਤੀ ਪਤਨੀ ਸਵ. ਜਸਵੀਰ ਸਿੰਘ ਵਾਸੀ ਪਿੰਡ ਮੀਰਪੁਰ ਹੇਠਾਂ ਨੇ ਆਪਣੇ ਪੁੱਤਰ ਨੂੰ ਬੇਦਖਲ ਕਰ ਦਿੱਤਾ ਹੈ।
ਮੈਂ ਸ਼ੰਮੀ ਪਤਨੀ ਰਵਿੰਦਰ ਕੁਮਾਰ ਵਾਸੀ ਮਕਾਨ ਨੰਬਰ 320 ਅਤੇ ਅਮਰੀਕ ਨੇ ਆਪਣੀ ਨੂੰਹ ਨੂੰ ਬੇਦਖਲ ਕਰ ਦਿੱਤਾ ਹੈ।
ਮੈਂ ਸੁਰਜੀਤ ਸਿੰਘ ਪੁੱਤਰ ਸ. ਗੁਰਮੇਲ ਸਿੰਘ ਵਾਸੀ ਪਿੰਡ ਬਹਿਲੋਲਪੁਰ ਨੇ ਆਪਣੇ ਪੁੱਤਰ ਨੂੰ ਬੇਦਖਲ ਕਰ ਦਿੱਤਾ ਹੈ।
ਮੈਂ ਸਤਵਿੰਦਰ ਸਿੰਘ ਪੁੱਤਰ ਮਨੋਹਰ ਸਿੰਘ ਵਾਸੀ ਪਿੰਡ ਕਾਕੋਵਾਲ ਬਠਿੰਡਾ ਨੇ ਆਪਣੇ ਪੁੱਤਰ ਨੂੰ ਬੇਦਖਲ ਕਰ ਦਿੱਤਾ ਹੈ।
ਮੈਂ ਜਸਵੀਰ ਕੌਰ ਪਤਨੀ ਸਤਨਾਮ ਸਿੰਘ ਵਾਸੀ ਪਿੰਡ ਸੁਸ਼ੀਲ ਨੇ ਆਪਣੇ ਪੁੱਤਰ ਨੂੰ ਬੇਦਖਲ ਕਰ ਦਿੱਤਾ ਹੈ।
ਮੈਂ ਹਰਮੇਲ ਸਿੰਘ ਪੁੱਤਰ ਜੋਗਿੰਦਰ ਸਿੰਘ ਵਾਸੀ ਮਕਾਨ ਨੰਬਰ 438-ਸੀ ਨੇ ਆਪਣੇ ਪੁੱਤਰ ਨੂੰ ਬੇਦਖਲ ਕਰ ਦਿੱਤਾ ਹੈ।
ਮੈਂ ਅਵਤਾਰ ਸਿੰਘ ਪੁੱਤਰ ਪਿਆਰਾ ਸਿੰਘ ਅਤੇ ਜਸਵੀਰ ਕੌਰ ਪਤਨੀ ਅਵਤਾਰ ਸਿੰਘ ਵਾਸੀ ਪਿੰਡ ਨੇ ਆਪਣੇ ਪੁੱਤਰ ਨੂੰ ਬੇਦਖਲ ਕਰ ਦਿੱਤਾ ਹੈ।
Public Notice
Original Sale Deed No. 3219 dated 15.02.1982, executed by Rajinder Dev Sukhla S/o Tarlochan Dass Sukhla in favour of Sampuran Singh S/o Bhag Singh, regarding Land measuring 00 Kanals 15 Marlas, which is 16/403 share of land measuring 20 Kanals 03 Marlas, comprised in Khewat No. 972/1216, Khatoni Khatauni No. 1375/2909, as per Jamabandi for the year 2020-2021, situated within the revenue limits of Shri Muktsar Sahib II, Tehsil & District Shri Muktsar Sahib, is lost and not traceable. An FIR in this regard DDR No. 0 dated 01.11.2023 has been registered. If any person finds the said document, please return. Dated 7 Days. R.P. Singh, Advocate.
ਮੋਟਰ ਕੁਨੈਕਸ਼ਨ
ਇੱਕ ਬਿਜਲੀ ਮੋਟਰ ਕੁਨੈਕਸ਼ਨ ਜਿਸ ਦਾ ਖਾਤਾ ਨੰਬਰ AP100781 ਹੈ ਗੁਰਮੀਤ ਸਿੰਘ ਪੁੱਤਰ ਪਿਆਰਾ ਸਿੰਘ ਵਾਸੀ ਪਿੰਡ ਦੇ ਨਾਮ ਤੇ ਹੈ। ਇਸ ਕੁਨੈਕਸ਼ਨ ਨੂੰ ਹੋਰ ਨਾਮ ਤੇ ਤਬਦੀਲ ਕਰਵਾਉਣਾ ਹੈ। ਜੇਕਰ ਕਿਸੇ ਨੂੰ ਕੋਈ ਇਤਰਾਜ਼ ਹੋਵੇ ਤਾਂ 15 ਦਿਨਾਂ ਦੇ ਅੰਦਰ ਦਫਤਰ ਨਾਲ ਸੰਪਰਕ ਕਰੇ।
ਇੱਕ ਮੋਟਰ ਕੁਨੈਕਸ਼ਨ ਖਾਤਾ ਨੰਬਰ ਜੇ-512 ਏ.ਪੀ. ਜੋ ਕਿ ਦਰਸ਼ਨ ਸਿੰਘ ਪੁੱਤਰ ਮਿੱਠਾ ਸਿੰਘ ਵਾਸੀ ਪਿੰਡ ਦੇ ਨਾਮ ਤੇ ਹੈ। ਇਤਰਾਜ਼ 15 ਦਿਨਾਂ ਦੇ ਅੰਦਰ ਦਫਤਰ ਨਾਲ ਸੰਪਰਕ ਕਰੋ।
ਇਸ਼ਤਿਹਾਰਾਂ ਸਬੰਧੀ ਜ਼ਰੂਰੀ ਬੇਨਤੀ
ਅਦਾਰਾ 'ਰੋਜ਼ਾਨਾ ਪਹਿਰੇਦਾਰ' ਅਖ਼ਬਾਰ ਵਿੱਚ ਛਪਣ ਵਾਲੇ ਇਸ਼ਤਿਹਾਰਾਂ ਅਤੇ ਕਲਾਸੀਫਾਈਡ ਲਈ ਕੋਈ ਜਿੰਮੇਵਾਰੀ ਨਹੀਂ ਲੈਂਦਾ। ਪਾਠਕਾਂ ਨੂੰ ਬੇਨਤੀ ਹੈ ਕਿ ਇਸ਼ਤਿਹਾਰ ਵਿੱਚ ਦਿੱਤੀ ਜਾਣਕਾਰੀ ਦੀ ਪੜਤਾਲ ਆਪਣੇ ਪੱਧਰ 'ਤੇ ਕਰ ਲਈ ਜਾਵੇ। - ਮੈਨੇਜਰ
ਸਵਾਮੀ ਰੂਪ ਚੰਦ ਜੈਨ ਸੀਨੀਅਰ ਸੈਕੰਡਰੀ ਸਕੂਲ ਵਿੱਚ ਧੂਮ ਧਾਮ ਨਾਲ ਮਨਾਇਆ ਗਿਆ ਦਿਵਾਲੀ ਦਾ ਤਿਉਹਾਰ
ਜਗਰਾਉਂ, 10 ਨਵੰਬਰ (ਕਰਮਜੀਤ ਸਿੰਘ ਕਲੇਰ): ਹਰ ਸਾਲ ਦੀ ਤਰ੍ਹਾਂ ਇਸ ਸਾਲ ਵੀ ਸਵਾਮੀ ਰੂਪ ਚੰਦ ਜੈਨ ਸੀਨੀਅਰ ਸੈਕੰਡਰੀ ਸਕੂਲ ਵਿੱਚ ਪ੍ਰਿੰਸੀਪਲ ਸ਼੍ਰੀਮਤੀ ਰਾਜਪਾਲ ਕੌਰ ਦੀ ਅਗਵਾਈ ਹੇਠ ਦਿਵਾਲੀ ਦਾ ਤਿਉਹਾਰ ਬੜੀ ਧੂਮ ਧਾਮ ਨਾਲ ਮਨਾਇਆ ਗਿਆ। ਇਸ ਮੌਕੇ ਵਿਦਿਆਰਥੀਆਂ ਨੇ ਰੰਗੋਲੀ, ਦੀਵੇ ਸਜਾਉਣ ਅਤੇ ਸੱਭਿਆਚਾਰਕ ਪ੍ਰੋਗਰਾਮ ਪੇਸ਼ ਕੀਤੇ। ਸਕੂਲ ਦੇ ਵਿਹੜੇ ਨੂੰ ਦੀਵਿਆਂ ਅਤੇ ਫੁੱਲਾਂ ਨਾਲ ਸਜਾਇਆ ਗਿਆ। ਪ੍ਰਿੰਸੀਪਲ ਨੇ ਬੱਚਿਆਂ ਨੂੰ ਦਿਵਾਲੀ ਦੀ ਮਹੱਤਤਾ ਬਾਰੇ ਦੱਸਿਆ ਅਤੇ ਪ੍ਰਦੂਸ਼ਣ ਰਹਿਤ ਦਿਵਾਲੀ ਮਨਾਉਣ ਦਾ ਸੁਨੇਹਾ ਦਿੱਤਾ।
ਪ੍ਰਧਾਨ ਸ਼ਿਵਮ ਸਿੰਗਲਾ ਨੇ ਨਵ ਨਿਯੁਕਤ ਪੰਜਾਬ ਭਾਜਪਾ ਦੇ ਮੀਤ ਪ੍ਰਧਾਨ ਜਤਿੰਦਰ ਮਿੱਤਲ ਦਾ ਕੀਤਾ ਸਨਮਾਨ
ਲੁਧਿਆਣਾ 10 ਨਵੰਬਰ (ਰੌਕੀ): ਪੰਜਾਬ ਭਾਜਪਾ ਦੇ ਪ੍ਰਧਾਨ ਸੁਨੀਲ ਜਾਖੜ ਵੱਲੋਂ ਜਤਿੰਦਰ ਮਿੱਤਲ ਨੂੰ ਪੰਜਾਬ ਭਾਜਪਾ ਦਾ ਮੀਤ ਪ੍ਰਧਾਨ ਨਿਯੁਕਤ ਕੀਤੇ ਜਾਣ ਤੇ ਪ੍ਰਧਾਨ ਸ਼ਿਵਮ ਸਿੰਗਲਾ ਅਤੇ ਸਾਥੀਆਂ ਨੇ ਉਨ੍ਹਾਂ ਦਾ ਸਨਮਾਨ ਕੀਤਾ। ਇਸ ਮੌਕੇ ਉਨ੍ਹਾਂ ਨੇ ਕਿਹਾ ਕਿ ਜਤਿੰਦਰ ਮਿੱਤਲ ਪਾਰਟੀ ਦੇ ਮਿਹਨਤੀ ਵਰਕਰ ਹਨ ਅਤੇ ਉਨ੍ਹਾਂ ਦੀ ਨਿਯੁਕਤੀ ਨਾਲ ਪਾਰਟੀ ਨੂੰ ਹੋਰ ਮਜ਼ਬੂਤੀ ਮਿਲੇਗੀ।
ਸ਼ਾਂਤੀ ਦੇਵੀ ਮੈਮੋਰੀਅਲ ਪਬਲਿਕ ਹਾਈ ਸਕੂਲ ਵਿਖੇ ਦੀਵਾਲੀ ਦਾ ਤਿਉਹਾਰ ਮਨਾਇਆ
ਸਿੱਧਵਾਂ ਬੇਟ 10 ਨਵੰਬਰ (ਜਗਰੂਪ ਸਿੰਘ ਸੁਧਾਰ): ਸ਼ਾਂਤੀ ਦੇਵੀ ਮੈਮੋਰੀਅਲ ਪਬਲਿਕ ਹਾਈ ਸਕੂਲ ਵਿਖੇ ਦੀਵਾਲੀ ਦਾ ਤਿਉਹਾਰ ਬੜੇ ਉਤਸ਼ਾਹ ਨਾਲ ਮਨਾਇਆ ਗਿਆ। ਇਸ ਮੌਕੇ ਬੱਚਿਆਂ ਨੇ ਵੱਖ-ਵੱਖ ਗਤੀਵਿਧੀਆਂ ਵਿੱਚ ਹਿੱਸਾ ਲਿਆ ਅਤੇ ਸਕੂਲ ਨੂੰ ਦੀਵਿਆਂ ਨਾਲ ਰੌਸ਼ਨ ਕੀਤਾ। ਸਕੂਲ ਪ੍ਰਿੰਸੀਪਲ ਨੇ ਬੱਚਿਆਂ ਨੂੰ ਤਿਉਹਾਰ ਦੀਆਂ ਵਧਾਈਆਂ ਦਿੱਤੀਆਂ।
ਭਾਕਿਯੂ ਦੇ ਹਰਿੰਦਰ ਸਿੰਘ ਲੱਖੋਵਾਲ ਸਰਬਸੰਮਤੀ ਨਾਲ ਪੰਜਾਬ ਪ੍ਰਧਾਨ ਅਤੇ ਅਵਤਾਰ ਸਿੰਘ ਮੇਹਲੋਂ ਸਰਪ੍ਰਸਤ ਬਣੇ
ਕੇਂਦਰ ਦੇ ਪੰਜਾਬ ਸਰਕਾਰ ਵੱਲੋਂ ਕਿਸਾਨੀ ਮਸਲੇ ਹੱਲ ਨਾ ਕਰਨ ਕਰਕੇ 26 ਨਵੰਬਰ ਤੋਂ ਤਿੰਨ ਦਿਨ ਲਈ ਰਾਜਪਾਲਾਂ ਦੇ ਮੁਕੰਮਲ ਘਿਰਾਓ ਲਈ ਕਿਸਾਨਾਂ 'ਚ ਭਾਰੀ ਉਤਸ਼ਾਹ। ਜਨਰਲ ਹਾਊਸ ਦੀ ਮੀਟਿੰਗ ਵਿੱਚ ਹਰਿੰਦਰ ਸਿੰਘ ਲੱਖੋਵਾਲ ਨੂੰ ਸਰਬਸੰਮਤੀ ਨਾਲ ਪੰਜਾਬ ਪ੍ਰਧਾਨ ਅਤੇ ਅਵਤਾਰ ਸਿੰਘ ਮੇਹਲੋਂ ਨੂੰ ਸਰਪ੍ਰਸਤ ਚੁਣਿਆ ਗਿਆ। ਇਸ ਮੌਕੇ ਵੱਡੀ ਗਿਣਤੀ ਵਿੱਚ ਕਿਸਾਨ ਆਗੂ ਹਾਜ਼ਰ ਸਨ ਜਿਨ੍ਹਾਂ ਨੇ ਕਿਸਾਨੀ ਮੰਗਾਂ ਨੂੰ ਲੈ ਕੇ ਸੰਘਰਸ਼ ਤੇਜ਼ ਕਰਨ ਦਾ ਐਲਾਨ ਕੀਤਾ। ਮੀਟਿੰਗ ਵਿੱਚ ਕਿਸਾਨਾਂ ਦੀਆਂ ਫਸਲਾਂ ਦੇ ਭਾਅ, ਕਰਜ਼ਾ ਮੁਆਫੀ ਅਤੇ ਪਰਾਲੀ ਦੇ ਪ੍ਰਬੰਧ ਬਾਰੇ ਵਿਚਾਰ ਚਰਚਾ ਕੀਤੀ ਗਈ ਅਤੇ ਸਰਕਾਰ ਨੂੰ ਚੇਤਾਵਨੀ ਦਿੱਤੀ ਗਈ।
DABAD
ਇਸ਼ਤਿਹਾਰ ਅਤੇ ਕਲਾਸੀਫਾਈਡ ਕੇਵਲ ਅਦਾਰਾ 'ਪਹਿਰੇਦਾਰ' ਦੀ ਈ-ਮੇਲ	rozanapehredaradvt@gmail.com
'ਤੇ ਹੀ ਭੇਜੇ ਜਾਣ।
